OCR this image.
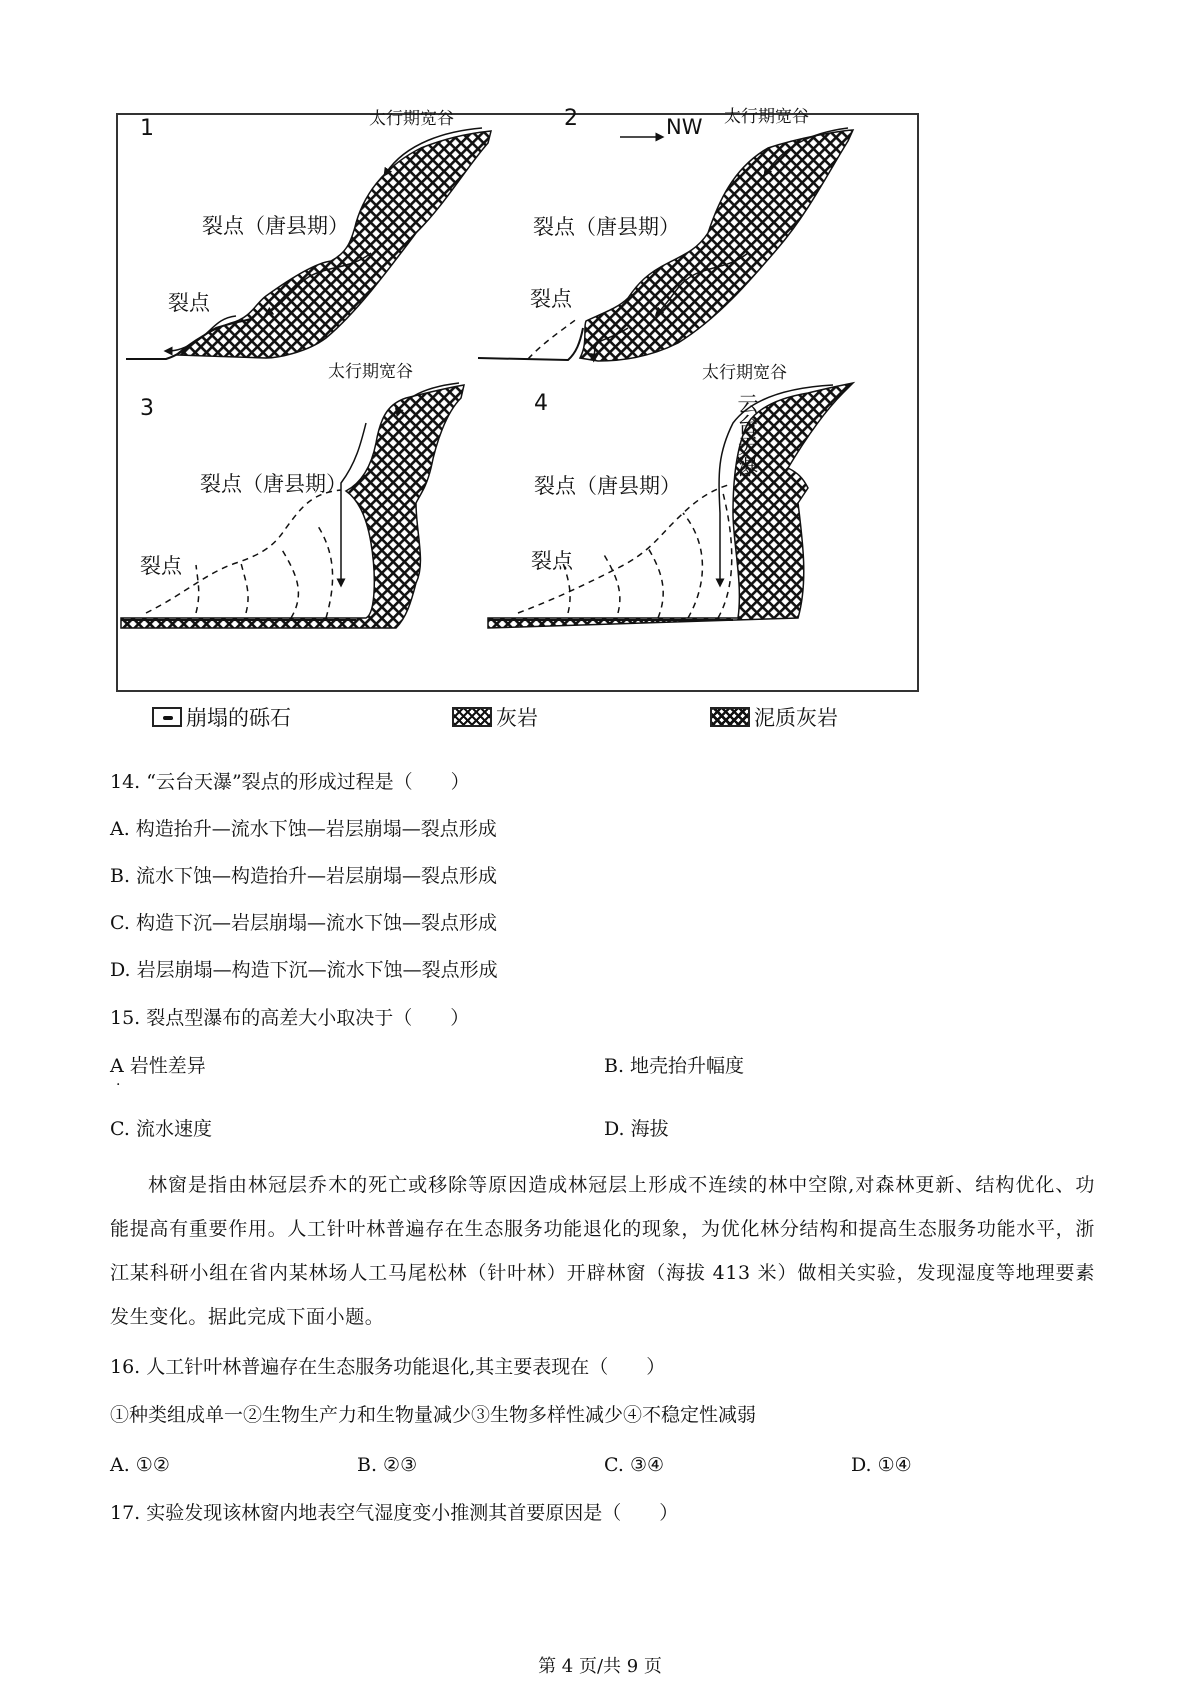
1	太行期宽谷
裂点（唐县期）
裂点
2	NW 太行期宽谷
裂点（唐县期）
裂点
3
太行期宽谷
裂点（唐县期）
裂点
4
太行期宽谷
云台天瀑
裂点（唐县期）
裂点
崩塌的砾石	灰岩	泥质灰岩
14. “云台天瀑”裂点的形成过程是（　　）
A. 构造抬升—流水下蚀—岩层崩塌—裂点形成
B. 流水下蚀—构造抬升—岩层崩塌—裂点形成
C. 构造下沉—岩层崩塌—流水下蚀—裂点形成
D. 岩层崩塌—构造下沉—流水下蚀—裂点形成
15. 裂点型瀑布的高差大小取决于（　　）
A 岩性差异
·
B. 地壳抬升幅度
C. 流水速度	D. 海拔

林窗是指由林冠层乔木的死亡或移除等原因造成林冠层上形成不连续的林中空隙,对森林更新、结构优化、功能提高有重要作用。人工针叶林普遍存在生态服务功能退化的现象，为优化林分结构和提高生态服务功能水平，浙江某科研小组在省内某林场人工马尾松林（针叶林）开辟林窗（海拔 413 米）做相关实验，发现湿度等地理要素发生变化。据此完成下面小题。

16. 人工针叶林普遍存在生态服务功能退化,其主要表现在（　　）
①种类组成单一②生物生产力和生物量减少③生物多样性减少④不稳定性减弱
A. ①②	B. ②③	C. ③④	D. ①④
17. 实验发现该林窗内地表空气湿度变小推测其首要原因是（　　）
第 4 页/共 9 页
